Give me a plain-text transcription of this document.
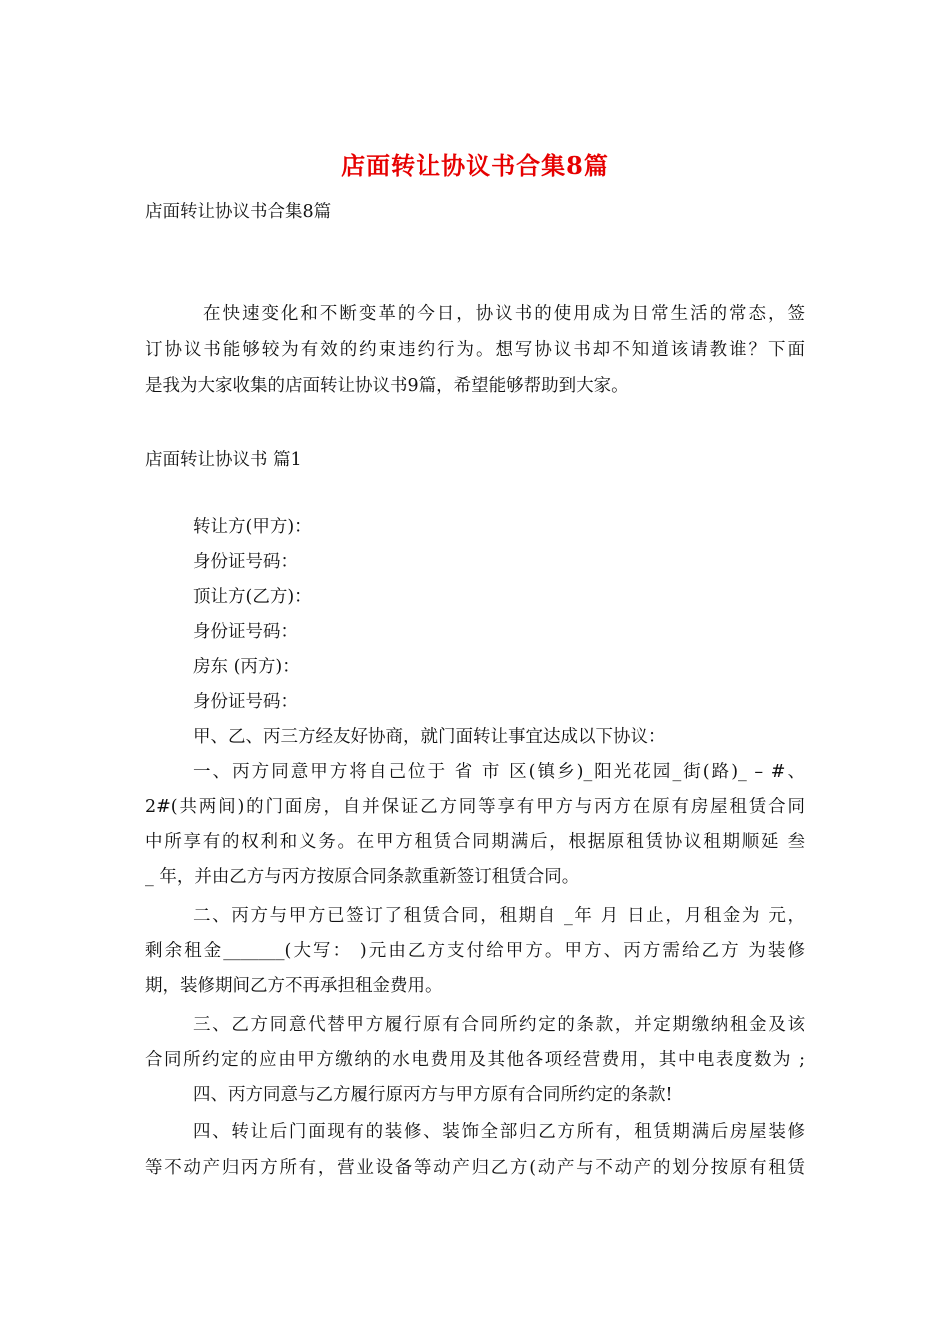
店面转让协议书合集8篇
店面转让协议书合集8篇
在快速变化和不断变革的今日，协议书的使用成为日常生活的常态，签
订协议书能够较为有效的约束违约行为。想写协议书却不知道该请教谁？下面
是我为大家收集的店面转让协议书9篇，希望能够帮助到大家。
店面转让协议书 篇1
转让方(甲方)：
身份证号码：
顶让方(乙方)：
身份证号码：
房东 (丙方)：
身份证号码：
甲、乙、丙三方经友好协商，就门面转让事宜达成以下协议：
一、丙方同意甲方将自己位于 省 市 区(镇乡)_阳光花园_街(路)_ – #、
2#(共两间)的门面房，自并保证乙方同等享有甲方与丙方在原有房屋租赁合同
中所享有的权利和义务。在甲方租赁合同期满后，根据原租赁协议租期顺延 叁
_ 年，并由乙方与丙方按原合同条款重新签订租赁合同。
二、丙方与甲方已签订了租赁合同，租期自 _年 月 日止，月租金为 元，
剩余租金_______(大写： )元由乙方支付给甲方。甲方、丙方需给乙方 为装修
期，装修期间乙方不再承担租金费用。
三、乙方同意代替甲方履行原有合同所约定的条款，并定期缴纳租金及该
合同所约定的应由甲方缴纳的水电费用及其他各项经营费用，其中电表度数为 ;
四、丙方同意与乙方履行原丙方与甲方原有合同所约定的条款!
四、转让后门面现有的装修、装饰全部归乙方所有，租赁期满后房屋装修
等不动产归丙方所有，营业设备等动产归乙方(动产与不动产的划分按原有租赁
